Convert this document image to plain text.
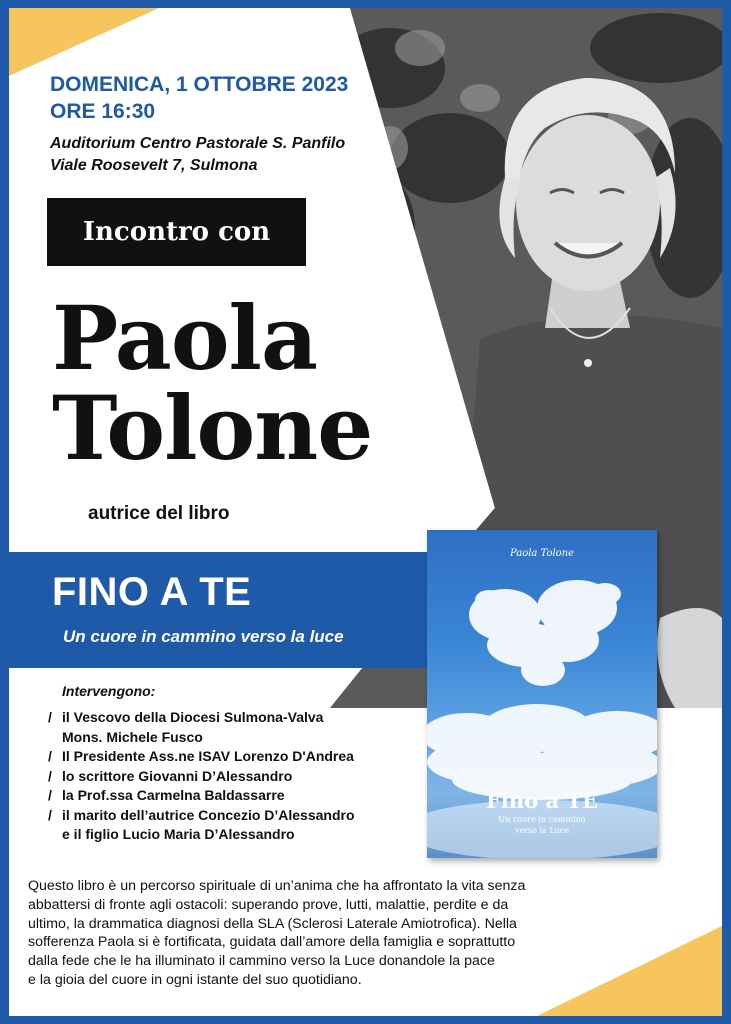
DOMENICA, 1 OTTOBRE 2023
ORE 16:30
Auditorium Centro Pastorale S. Panfilo
Viale Roosevelt 7, Sulmona
Incontro con
Paola
Tolone
autrice del libro
FINO A TE
Un cuore in cammino verso la luce
Paola Tolone
Fino a TE
Un cuore in cammino
verso la Luce
Intervengono:
/ il Vescovo della Diocesi Sulmona-Valva
Mons. Michele Fusco
/ Il Presidente Ass.ne ISAV Lorenzo D'Andrea
/ lo scrittore Giovanni D’Alessandro
/ la Prof.ssa Carmelna Baldassarre
/ il marito dell’autrice Concezio D’Alessandro
e il figlio Lucio Maria D’Alessandro

Questo libro è un percorso spirituale di un’anima che ha affrontato la vita senza

abbattersi di fronte agli ostacoli: superando prove, lutti, malattie, perdite e da

ultimo, la drammatica diagnosi della SLA (Sclerosi Laterale Amiotrofica). Nella

sofferenza Paola si è fortificata, guidata dall’amore della famiglia e soprattutto

dalla fede che le ha illuminato il cammino verso la Luce donandole la pace

e la gioia del cuore in ogni istante del suo quotidiano.
